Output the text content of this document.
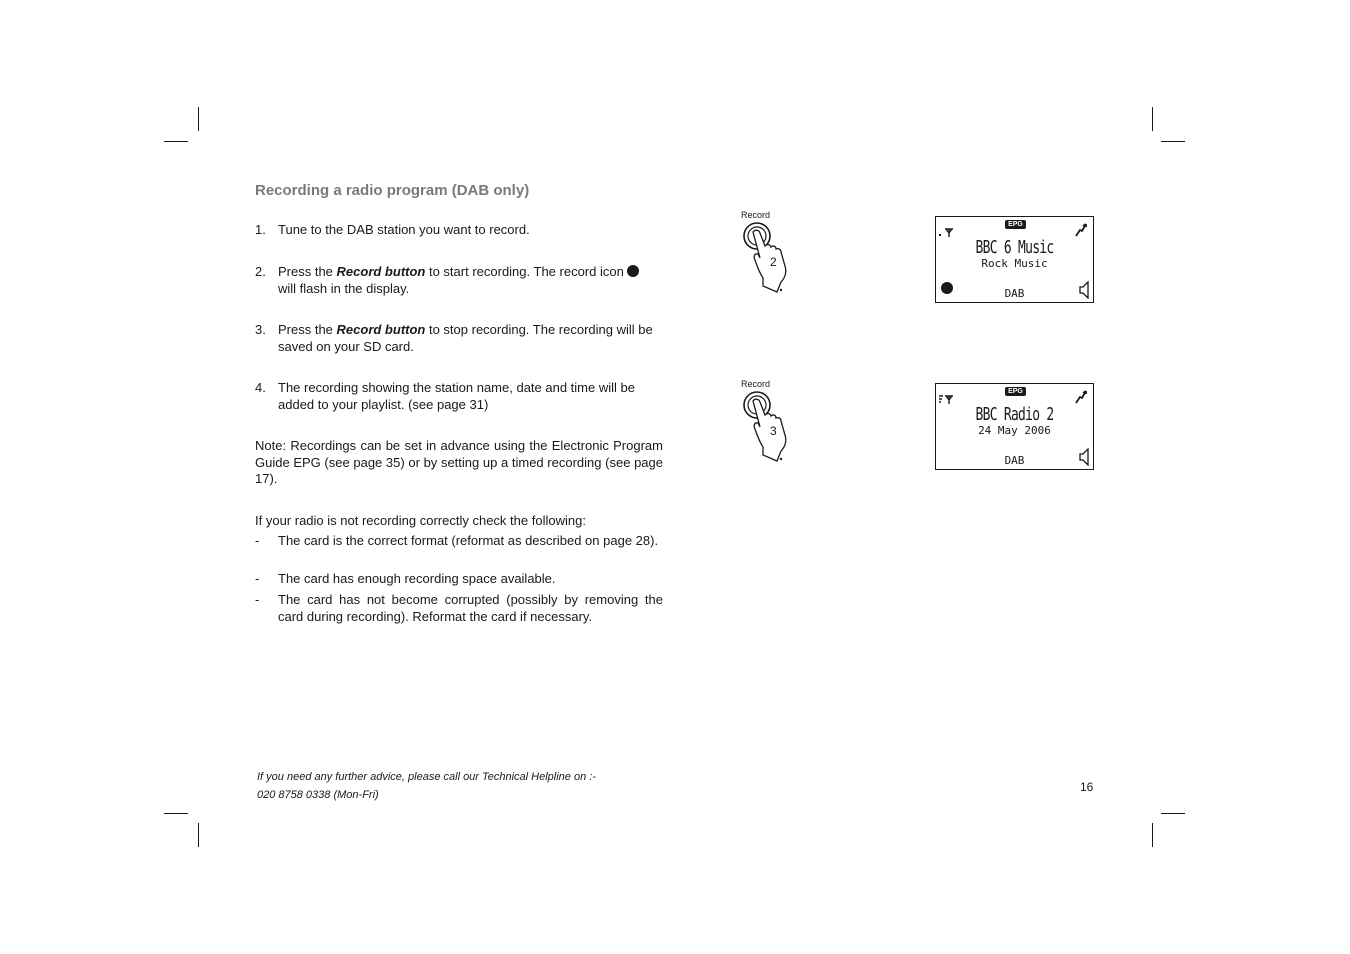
Recording a radio program (DAB only)
1. Tune to the DAB station you want to record.
2. Press the Record button to start recording. The record icon
will flash in the display.
3. Press the Record button to stop recording. The recording will be saved on your SD card.
4. The recording showing the station name, date and time will be added to your playlist. (see page 31)
Note: Recordings can be set in advance using the Electronic Program Guide EPG (see page 35) or by setting up a timed recording (see page 17).
If your radio is not recording correctly check the following:
- The card is the correct format (reformat as described on page 28).
- The card has enough recording space available.
- The card has not become corrupted (possibly by removing the card during recording). Reformat the card if necessary.
Record
2
EPG
BBC 6 Music
Rock Music
DAB
Record
3
EPG
BBC Radio 2
24 May 2006
DAB
If you need any further advice, please call our Technical Helpline on :-
020 8758 0338 (Mon-Fri)
16
